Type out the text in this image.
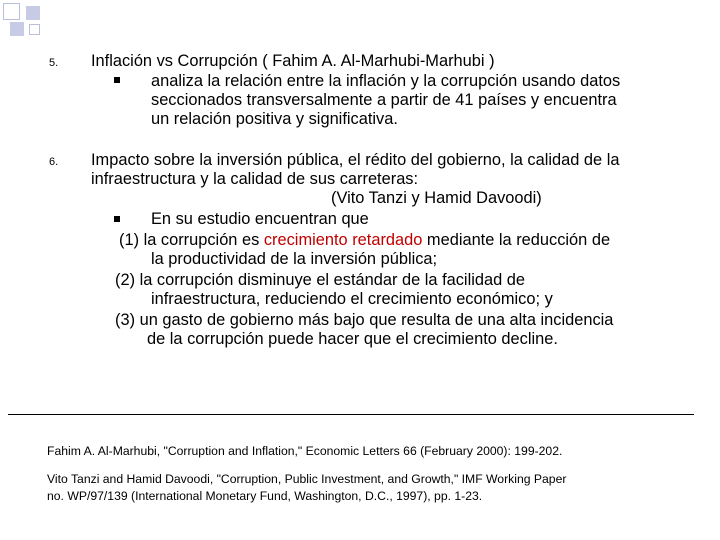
5. Inflación vs Corrupción ( Fahim A. Al-Marhubi-Marhubi )
analiza la relación entre la inflación y la corrupción usando datos
seccionados transversalmente a partir de 41 países y encuentra
un relación positiva y significativa.
6. Impacto sobre la inversión pública, el rédito del gobierno, la calidad de la
infraestructura y la calidad de sus carreteras:
(Vito Tanzi y Hamid Davoodi)
En su estudio encuentran que
(1) la corrupción es crecimiento retardado mediante la reducción de
la productividad de la inversión pública;
(2) la corrupción disminuye el estándar de la facilidad de
infraestructura, reduciendo el crecimiento económico; y
(3) un gasto de gobierno más bajo que resulta de una alta incidencia
de la corrupción puede hacer que el crecimiento decline.
Fahim A. Al-Marhubi, "Corruption and Inflation," Economic Letters 66 (February 2000): 199-202.
Vito Tanzi and Hamid Davoodi, "Corruption, Public Investment, and Growth," IMF Working Paper
no. WP/97/139 (International Monetary Fund, Washington, D.C., 1997), pp. 1-23.
